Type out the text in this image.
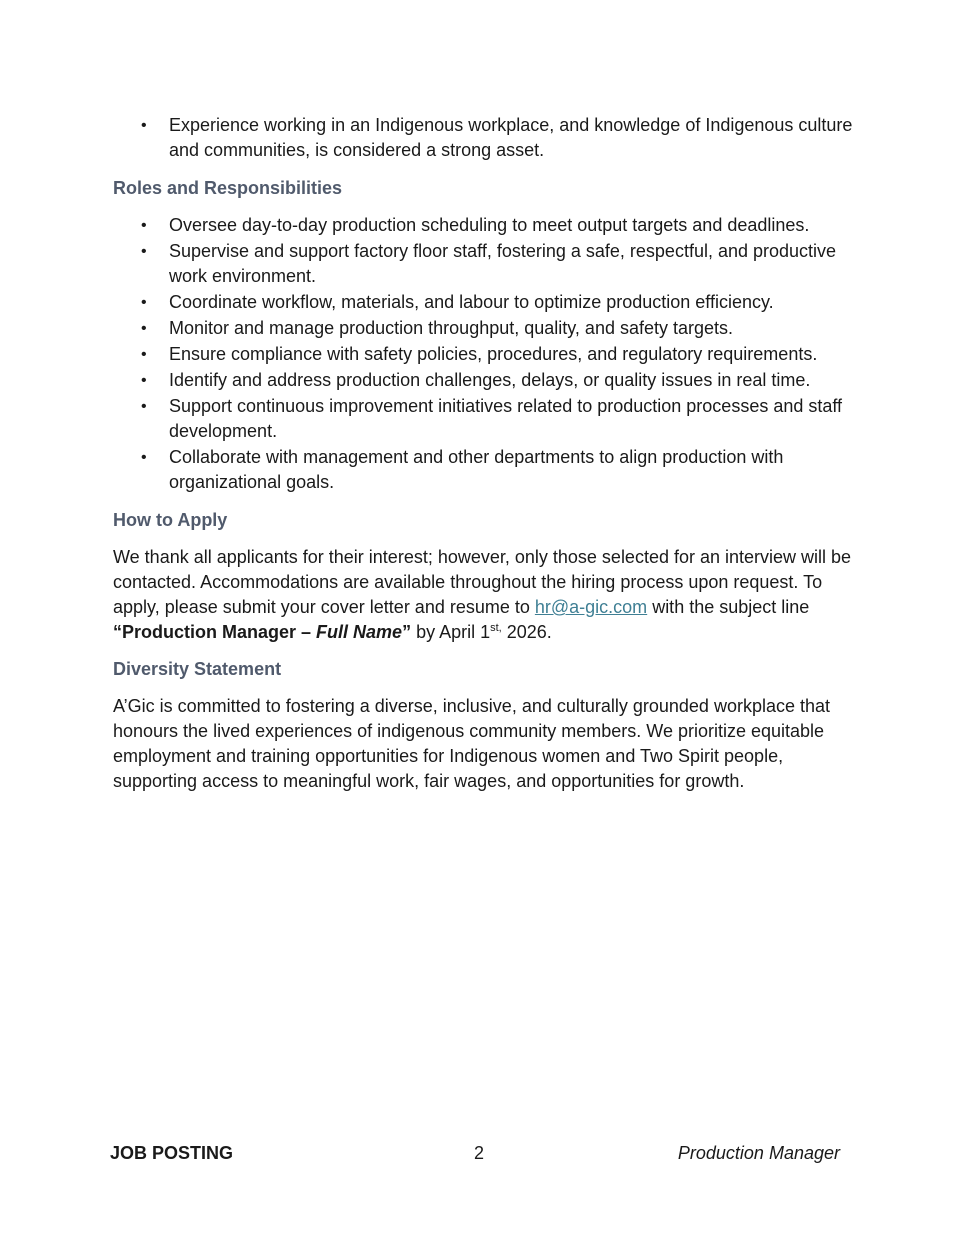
• Experience working in an Indigenous workplace, and knowledge of Indigenous culture and communities, is considered a strong asset.
Roles and Responsibilities
• Oversee day-to-day production scheduling to meet output targets and deadlines.
• Supervise and support factory floor staff, fostering a safe, respectful, and productive work environment.
• Coordinate workflow, materials, and labour to optimize production efficiency.
• Monitor and manage production throughput, quality, and safety targets.
• Ensure compliance with safety policies, procedures, and regulatory requirements.
• Identify and address production challenges, delays, or quality issues in real time.
• Support continuous improvement initiatives related to production processes and staff development.
• Collaborate with management and other departments to align production with organizational goals.
How to Apply

We thank all applicants for their interest; however, only those selected for an interview will be contacted. Accommodations are available throughout the hiring process upon request. To apply, please submit your cover letter and resume to hr@a-gic.com with the subject line “Production Manager – Full Name” by April $1^{st,}$ 2026.

Diversity Statement

A’Gic is committed to fostering a diverse, inclusive, and culturally grounded workplace that honours the lived experiences of indigenous community members. We prioritize equitable employment and training opportunities for Indigenous women and Two Spirit people, supporting access to meaningful work, fair wages, and opportunities for growth.

JOB POSTING	2	Production Manager
